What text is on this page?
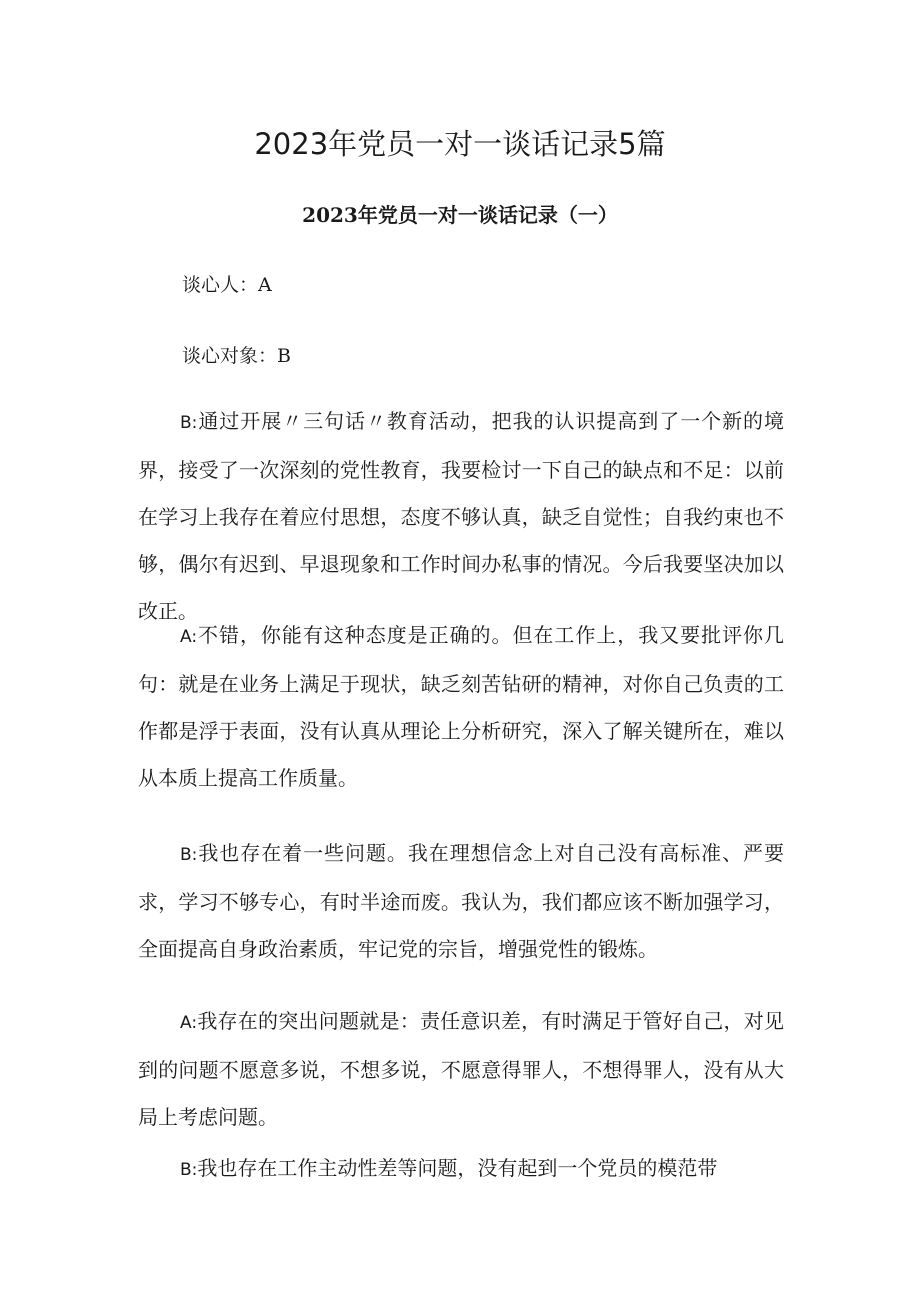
2023年党员一对一谈话记录5篇
2023年党员一对一谈话记录（一）

谈心人：A

谈心对象：B

B:通过开展〃三句话〃教育活动，把我的认识提高到了一个新的境界，接受了一次深刻的党性教育，我要检讨一下自己的缺点和不足：以前在学习上我存在着应付思想，态度不够认真，缺乏自觉性；自我约束也不够，偶尔有迟到、早退现象和工作时间办私事的情况。今后我要坚决加以改正。

A:不错，你能有这种态度是正确的。但在工作上，我又要批评你几句：就是在业务上满足于现状，缺乏刻苦钻研的精神，对你自己负责的工作都是浮于表面，没有认真从理论上分析研究，深入了解关键所在，难以从本质上提高工作质量。

B:我也存在着一些问题。我在理想信念上对自己没有高标准、严要求，学习不够专心，有时半途而废。我认为，我们都应该不断加强学习，全面提高自身政治素质，牢记党的宗旨，增强党性的锻炼。

A:我存在的突出问题就是：责任意识差，有时满足于管好自己，对见到的问题不愿意多说，不想多说，不愿意得罪人，不想得罪人，没有从大局上考虑问题。

B:我也存在工作主动性差等问题，没有起到一个党员的模范带
